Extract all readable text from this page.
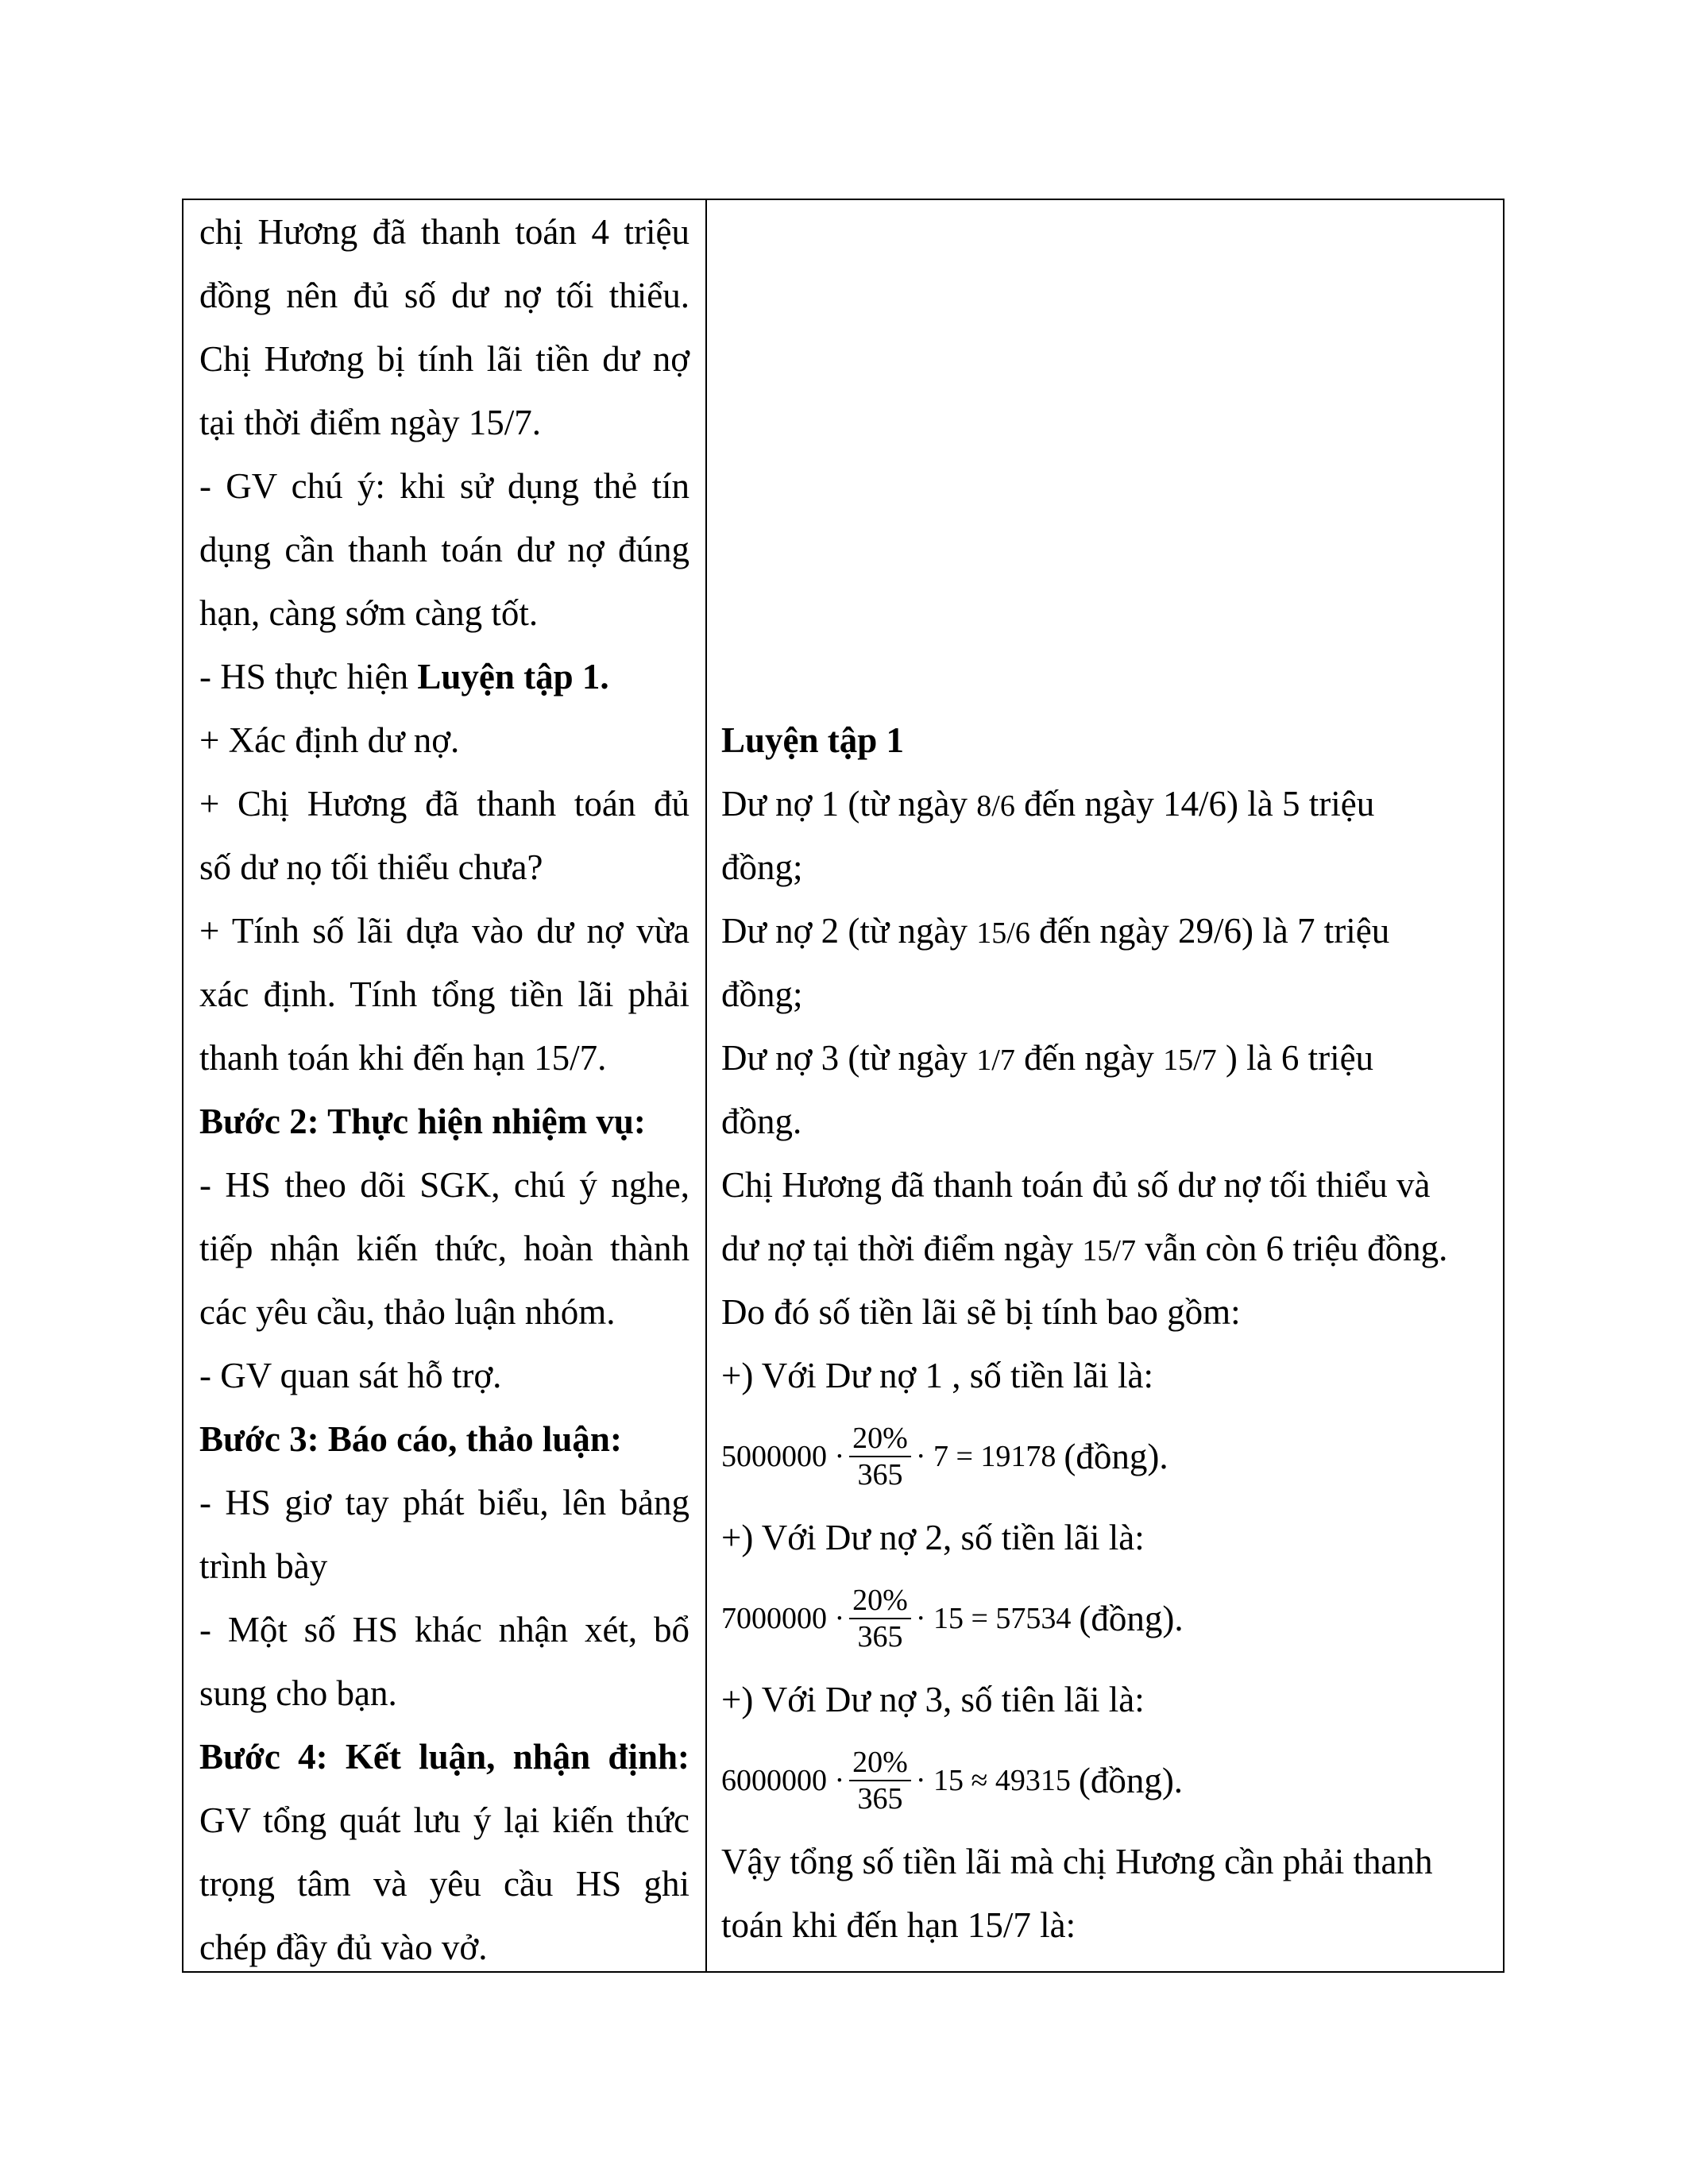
chị Hương đã thanh toán 4 triệu
đồng nên đủ số dư nợ tối thiểu.
Chị Hương bị tính lãi tiền dư nợ
tại thời điểm ngày 15/7.
- GV chú ý: khi sử dụng thẻ tín
dụng cần thanh toán dư nợ đúng
hạn, càng sớm càng tốt.
- HS thực hiện Luyện tập 1.
+ Xác định dư nợ.
+ Chị Hương đã thanh toán đủ
số dư nọ tối thiểu chưa?
+ Tính số lãi dựa vào dư nợ vừa
xác định. Tính tổng tiền lãi phải
thanh toán khi đến hạn 15/7.
Bước 2: Thực hiện nhiệm vụ:
- HS theo dõi SGK, chú ý nghe,
tiếp nhận kiến thức, hoàn thành
các yêu cầu, thảo luận nhóm.
- GV quan sát hỗ trợ.
Bước 3: Báo cáo, thảo luận:
- HS giơ tay phát biểu, lên bảng
trình bày
- Một số HS khác nhận xét, bổ
sung cho bạn.
Bước 4: Kết luận, nhận định:
GV tổng quát lưu ý lại kiến thức
trọng tâm và yêu cầu HS ghi
chép đầy đủ vào vở.
Luyện tập 1
Dư nợ 1 (từ ngày 8/6 đến ngày 14/6) là 5 triệu
đồng;
Dư nợ 2 (từ ngày 15/6 đến ngày 29/6) là 7 triệu
đồng;
Dư nợ 3 (từ ngày 1/7 đến ngày 15/7 ) là 6 triệu
đồng.
Chị Hương đã thanh toán đủ số dư nợ tối thiểu và
dư nợ tại thời điểm ngày 15/7 vẫn còn 6 triệu đồng.
Do đó số tiền lãi sẽ bị tính bao gồm:
+) Với Dư nợ 1 , số tiền lãi là:
$5000000 \cdot \frac{20\%}{365} \cdot 7 = 19178$ (đồng).
+) Với Dư nợ 2, số tiền lãi là:
$7000000 \cdot \frac{20\%}{365} \cdot 15 = 57534$ (đồng).
+) Với Dư nợ 3, số tiên lãi là:
$6000000 \cdot \frac{20\%}{365} \cdot 15 \approx 49315$ (đồng).
Vậy tổng số tiền lãi mà chị Hương cần phải thanh
toán khi đến hạn 15/7 là:
